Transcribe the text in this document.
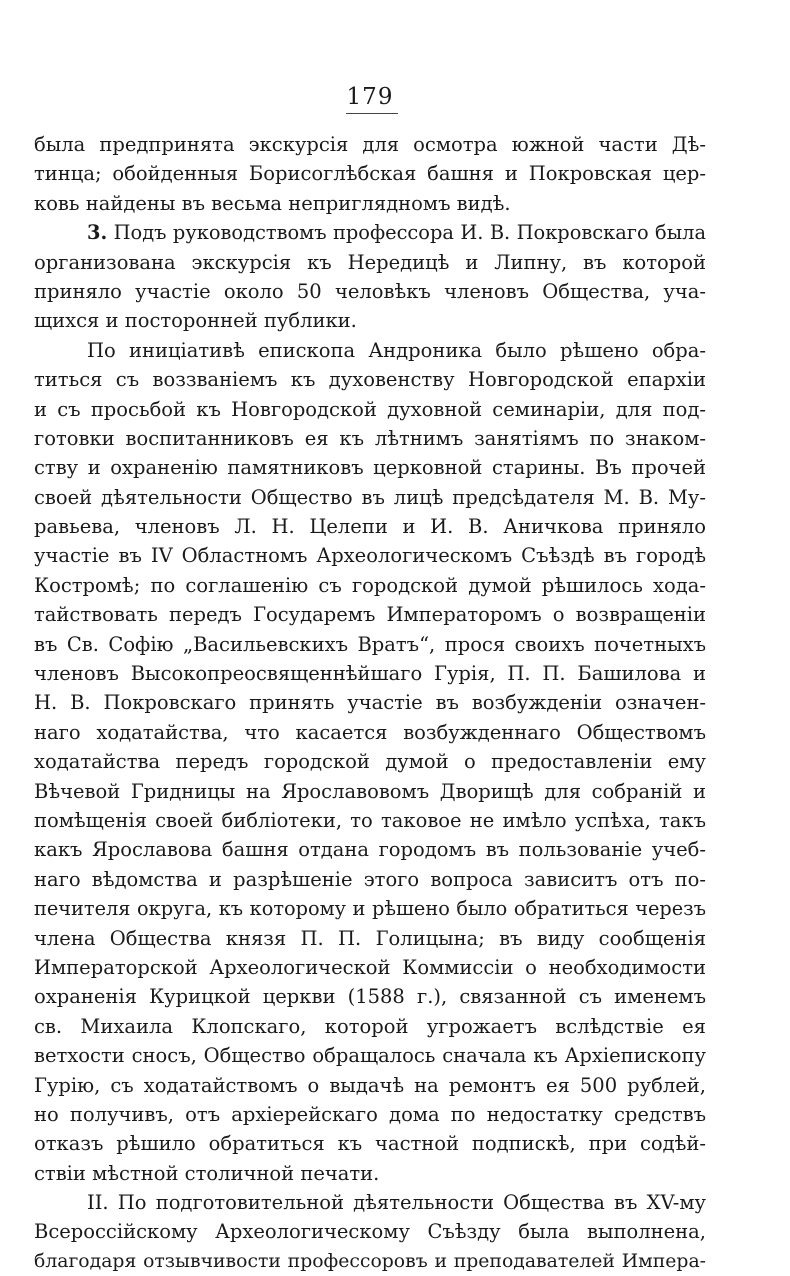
179
была предпринята экскурсія для осмотра южной части Дѣ-
тинца; обойденныя Борисоглѣбская башня и Покровская цер-
ковь найдены въ весьма неприглядномъ видѣ.
3. Подъ руководствомъ профессора И. В. Покровскаго была
организована экскурсія къ Нередицѣ и Липну, въ которой
приняло участіе около 50 человѣкъ членовъ Общества, уча-
щихся и посторонней публики.
По иниціативѣ епископа Андроника было рѣшено обра-
титься съ воззваніемъ къ духовенству Новгородской епархіи
и съ просьбой къ Новгородской духовной семинаріи, для под-
готовки воспитанниковъ ея къ лѣтнимъ занятіямъ по знаком-
ству и охраненію памятниковъ церковной старины. Въ прочей
своей дѣятельности Общество въ лицѣ предсѣдателя М. В. Му-
равьева, членовъ Л. Н. Целепи и И. В. Аничкова приняло
участіе въ IV Областномъ Археологическомъ Съѣздѣ въ городѣ
Костромѣ; по соглашенію съ городской думой рѣшилось хода-
тайствовать передъ Государемъ Императоромъ о возвращеніи
въ Св. Софію „Васильевскихъ Вратъ“, прося своихъ почетныхъ
членовъ Высокопреосвященнѣйшаго Гурія, П. П. Башилова и
Н. В. Покровскаго принять участіе въ возбужденіи означен-
наго ходатайства, что касается возбужденнаго Обществомъ
ходатайства передъ городской думой о предоставленіи ему
Вѣчевой Гридницы на Ярославовомъ Дворищѣ для собраній и
помѣщенія своей библіотеки, то таковое не имѣло успѣха, такъ
какъ Ярославова башня отдана городомъ въ пользованіе учеб-
наго вѣдомства и разрѣшеніе этого вопроса зависитъ отъ по-
печителя округа, къ которому и рѣшено было обратиться черезъ
члена Общества князя П. П. Голицына; въ виду сообщенія
Императорской Археологической Коммиссіи о необходимости
охраненія Курицкой церкви (1588 г.), связанной съ именемъ
св. Михаила Клопскаго, которой угрожаетъ вслѣдствіе ея
ветхости сносъ, Общество обращалось сначала къ Архіепископу
Гурію, съ ходатайствомъ о выдачѣ на ремонтъ ея 500 рублей,
но получивъ, отъ архіерейскаго дома по недостатку средствъ
отказъ рѣшило обратиться къ частной подпискѣ, при содѣй-
ствіи мѣстной столичной печати.
II. По подготовительной дѣятельности Общества въ XV-му
Всероссійскому Археологическому Съѣзду была выполнена,
благодаря отзывчивости профессоровъ и преподавателей Импера-
